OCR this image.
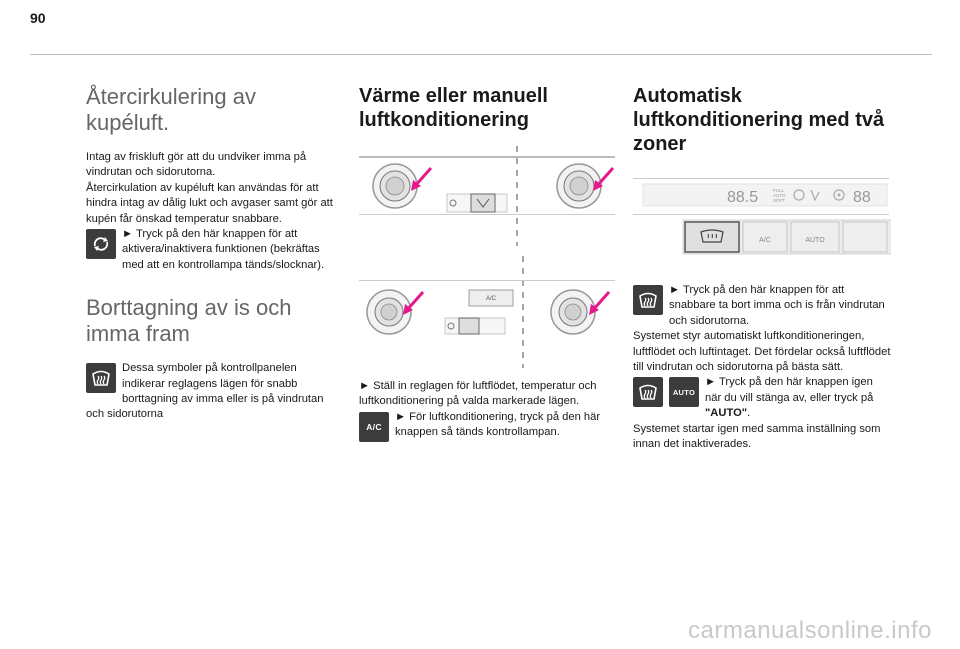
90
Återcirkulering av kupéluft.

Intag av friskluft gör att du undviker imma på vindrutan och sidorutorna.
Återcirkulation av kupéluft kan användas för att hindra intag av dålig lukt och avgaser samt gör att kupén får önskad temperatur snabbare.

► Tryck på den här knappen för att aktivera/inaktivera funktionen (bekräftas med att en kontrollampa tänds/slocknar).

Borttagning av is och imma fram

Dessa symboler på kontrollpanelen indikerar reglagens lägen för snabb borttagning av imma eller is på vindrutan och sidorutorna

Värme eller manuell luftkonditionering
A/C

► Ställ in reglagen för luftflödet, temperatur och luftkonditionering på valda markerade lägen.

A/C

► För luftkonditionering, tryck på den här knappen så tänds kontrollampan.

Automatisk luftkonditionering med två zoner
88.5	FULL
AUTO
SOFT	88
A/C	AUTO

► Tryck på den här knappen för att snabbare ta bort imma och is från vindrutan och sidorutorna.
Systemet styr automatiskt luftkonditioneringen, luftflödet och luftintaget. Det fördelar också luftflödet till vindrutan och sidorutorna på bästa sätt.

AUTO

► Tryck på den här knappen igen när du vill stänga av, eller tryck på "AUTO".
Systemet startar igen med samma inställning som innan det inaktiverades.

carmanualsonline.info
